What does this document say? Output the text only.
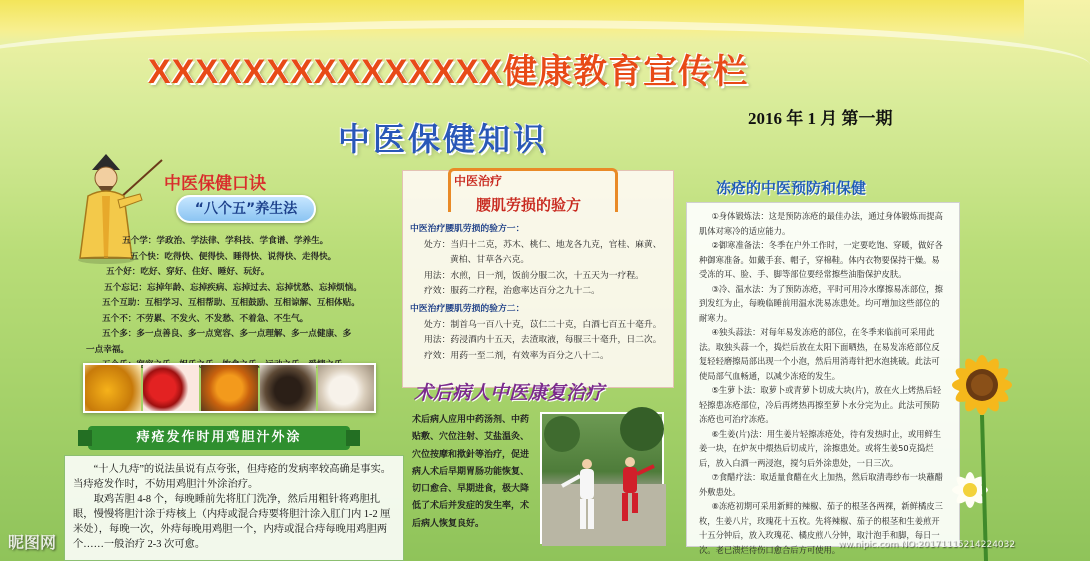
XXXXXXXXXXXXXXX健康教育宣传栏
2016 年 1 月 第一期
中医保健知识
中医保健口诀
“八个五”养生法
五个学：学政治、学法律、学科技、学食谱、学养生。
五个快：吃得快、便得快、睡得快、说得快、走得快。
五个好：吃好、穿好、住好、睡好、玩好。
五个忘记：忘掉年龄、忘掉疾病、忘掉过去、忘掉忧愁、忘掉烦恼。
五个互助：互相学习、互相帮助、互相鼓励、互相谅解、互相体贴。
五个不：不劳累、不发火、不发愁、不着急、不生气。
五个多：多一点善良、多一点宽容、多一点理解、多一点健康、多
一点幸福。
痔疮发作时用鸡胆汁外涂

“十人九痔”的说法虽说有点夸张，但痔疮的发病率较高确是事实。当痔疮发作时，不妨用鸡胆汁外涂治疗。

取鸡苦胆 4-8 个，每晚睡前先将肛门洗净，然后用粗针将鸡胆扎眼，慢慢将胆汁涂于痔核上（内痔或混合痔要将胆汁涂入肛门内 1-2 厘米处），每晚一次，外痔每晚用鸡胆一个，内痔或混合痔每晚用鸡胆两个……一般治疗 2-3 次可愈。

中医治疗
腰肌劳损的验方
中医治疗腰肌劳损的验方一：
处方：当归十二克，苏木、桃仁、地龙各九克，官桂、麻黄、
黄柏、甘草各六克。
用法：水煎，日一剂，饭前分服二次，十五天为一疗程。
疗效：服药二疗程，治愈率达百分之九十二。
中医治疗腰肌劳损的验方二：
处方：制首乌一百八十克，苡仁二十克，白酒七百五十毫升。
用法：药浸酒内十五天，去渣取液，每服三十毫升，日二次。
疗效：用药一至二剂，有效率为百分之八十二。
术后病人中医康复治疗
术后病人应用中药汤剂、中药贴敷、穴位注射、艾盐温灸、穴位按摩和揿針等治疗，促进病人术后早期胃肠功能恢复、切口愈合、早期进食，极大降低了术后并发症的发生率，术后病人恢复良好。
冻疮的中医预防和保健

①身体锻炼法：这是预防冻疮的最佳办法，通过身体锻炼而提高肌体对寒冷的适应能力。

②御寒准备法：冬季在户外工作时，一定要吃饱、穿暖，做好各种御寒准备。如戴手套、帽子，穿棉鞋。体内衣物要保持干燥。易受冻的耳、脸、手、脚等部位要经常擦些油脂保护皮肤。

③冷、温水法：为了预防冻疮，平时可用冷水摩擦易冻部位，擦到发红为止，每晚临睡前用温水洗易冻患处。均可增加这些部位的耐寒力。

④独头蒜法：对每年易发冻疮的部位，在冬季来临前可采用此法。取独头蒜一个，捣烂后放在太阳下面晒热，在易发冻疮部位反复轻轻磨擦局部出现一个小泡，然后用消毒针把水泡挑破。此法可使局部气血畅通，以减少冻疮的发生。

⑤生萝卜法：取萝卜或青萝卜切成大块(片)，放在火上烤热后轻轻擦患冻疮部位，冷后再烤热再擦至萝卜水分完为止。此法可预防冻疮也可治疗冻疮。

⑥生姜(片)法：用生姜片轻擦冻疮处，待有发热时止，或用鲜生姜一块，在炉灰中煨热后切成片，涂擦患处。或将生姜50克捣烂后，放入白酒一两浸泡，搅匀后外涂患处，一日三次。

⑦食醋疗法：取适量食醋在火上加热，然后取清毒纱布一块蘸醋外敷患处。

⑧冻疮初期可采用新鲜的辣椒、茄子的根茎各两裸，新鲜橘皮三枚，生姜八片，玫瑰花十五枚。先将辣椒、茄子的根茎和生姜煎开十五分钟后，放入玫瑰花、橘皮煎八分钟，取汁泡手和脚，每日一次。老已溃烂待伤口愈合后方可使用。

昵图网	ww.nipic.com NO:20171115214224032
